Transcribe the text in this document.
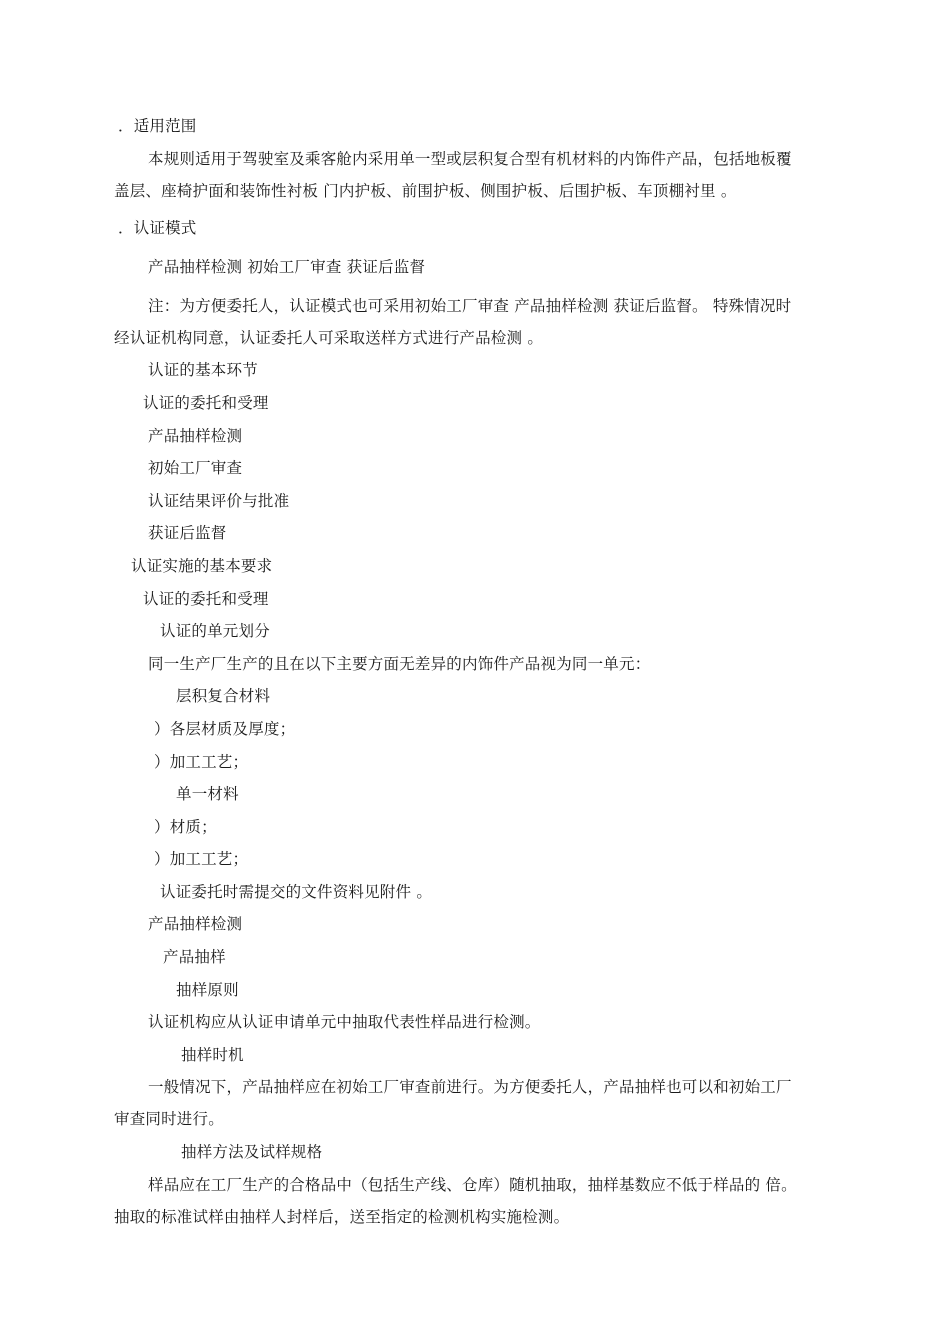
．适用范围
本规则适用于驾驶室及乘客舱内采用单一型或层积复合型有机材料的内饰件产品，包括地板覆
盖层、座椅护面和装饰性衬板 门内护板、前围护板、侧围护板、后围护板、车顶棚衬里 。
．认证模式
产品抽样检测 初始工厂审查 获证后监督
注：为方便委托人，认证模式也可采用初始工厂审查 产品抽样检测 获证后监督。 特殊情况时
经认证机构同意，认证委托人可采取送样方式进行产品检测 。
认证的基本环节
认证的委托和受理
产品抽样检测
初始工厂审查
认证结果评价与批准
获证后监督
认证实施的基本要求
认证的委托和受理
认证的单元划分
同一生产厂生产的且在以下主要方面无差异的内饰件产品视为同一单元：
层积复合材料
）各层材质及厚度；
）加工工艺；
单一材料
）材质；
）加工工艺；
认证委托时需提交的文件资料见附件 。
产品抽样检测
产品抽样
抽样原则
认证机构应从认证申请单元中抽取代表性样品进行检测。
抽样时机
一般情况下，产品抽样应在初始工厂审查前进行。为方便委托人，产品抽样也可以和初始工厂
审查同时进行。
抽样方法及试样规格
样品应在工厂生产的合格品中（包括生产线、仓库）随机抽取，抽样基数应不低于样品的 倍。
抽取的标准试样由抽样人封样后，送至指定的检测机构实施检测。
